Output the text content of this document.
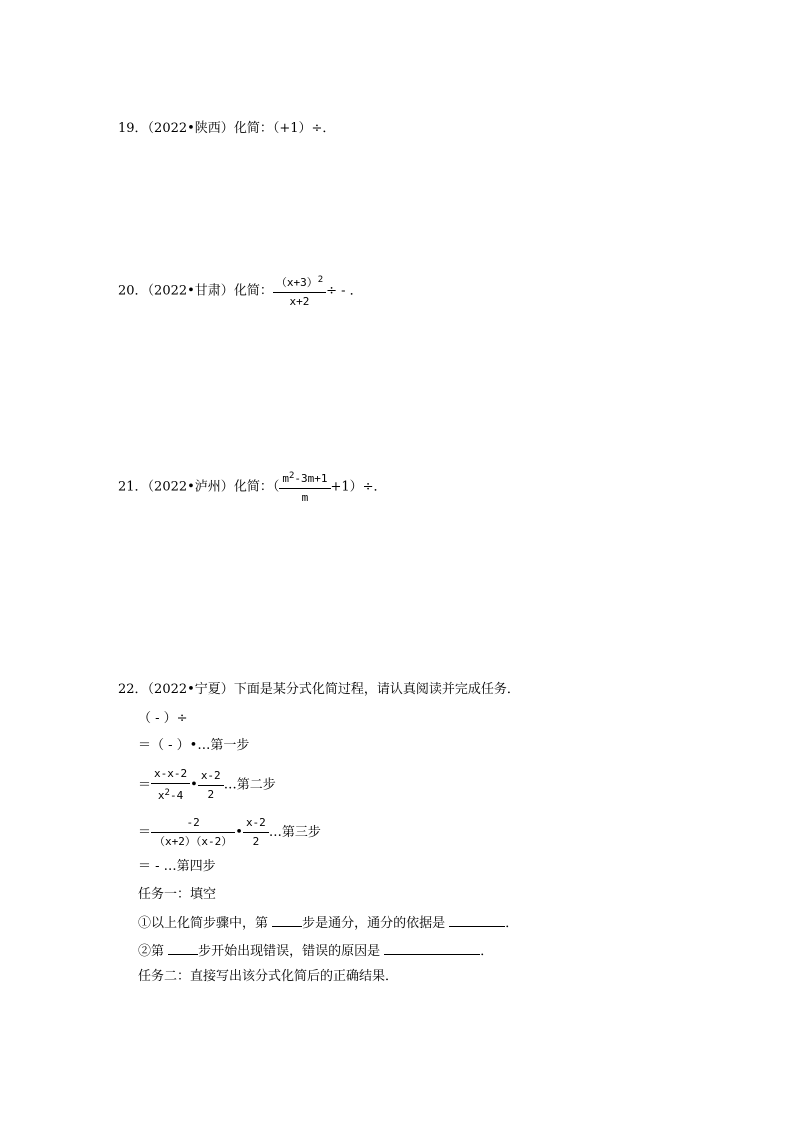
19．（2022•陕西）化简：（+1）÷．
20．（2022•甘肃）化简： $\frac{(x+3)^2}{x+2}$ ÷ - ．
21．（2022•泸州）化简：（ $\frac{m^2-3m+1}{m} +1)\div$．
22．（2022•宁夏）下面是某分式化简过程，请认真阅读并完成任务．
（ - ）÷
＝（ - ）•…第一步
＝ $\frac{x-x-2}{x^2-4}$ • $\frac{x-2}{2}$ …第二步
＝ $\frac{-2}{(x+2)(x-2)}$ • $\frac{x-2}{2}$ …第三步
＝ - …第四步
任务一：填空
①以上化简步骤中，第 步是通分，通分的依据是	．
②第 步开始出现错误，错误的原因是	．
任务二：直接写出该分式化简后的正确结果．
